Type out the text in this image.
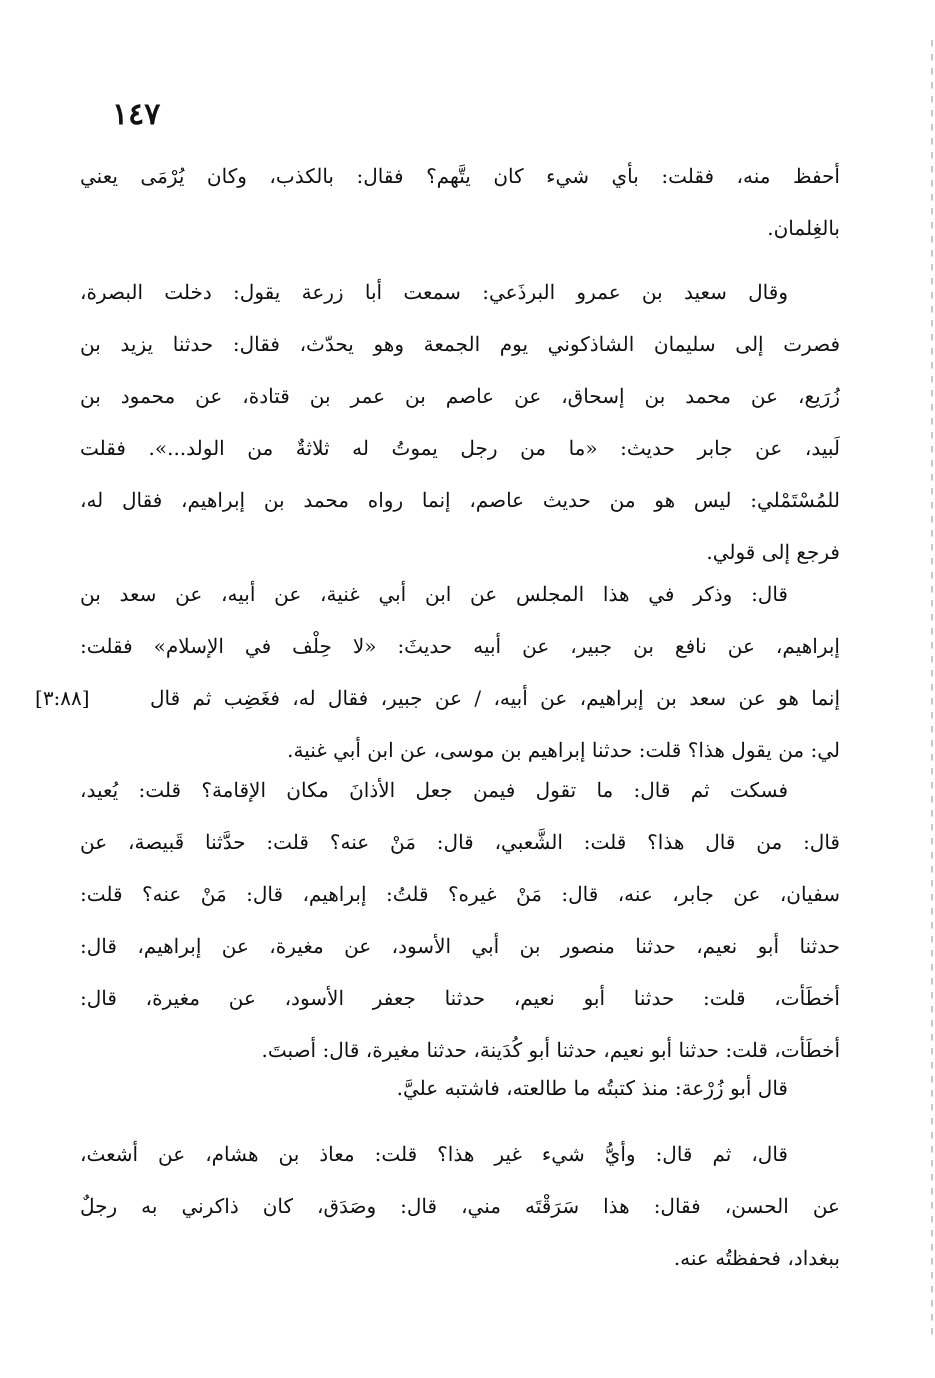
١٤٧
أحفظ منه، فقلت: بأي شيء كان يتَّهم؟ فقال: بالكذب، وكان يُرْمَى يعني
بالغِلمان.
وقال سعيد بن عمرو البرذَعي: سمعت أبا زرعة يقول: دخلت البصرة،
فصرت إلى سليمان الشاذكوني يوم الجمعة وهو يحدّث، فقال: حدثنا يزيد بن
زُرَيع، عن محمد بن إسحاق، عن عاصم بن عمر بن قتادة، عن محمود بن
لَبيد، عن جابر حديث: «ما من رجل يموتُ له ثلاثةٌ من الولد...». فقلت
للمُسْتَمْلي: ليس هو من حديث عاصم، إنما رواه محمد بن إبراهيم، فقال له،
فرجع إلى قولي.
قال: وذكر في هذا المجلس عن ابن أبي غنية، عن أبيه، عن سعد بن
إبراهيم، عن نافع بن جبير، عن أبيه حديثَ: «لا حِلْف في الإسلام» فقلت:
إنما هو عن سعد بن إبراهيم، عن أبيه، / عن جبير، فقال له، فغَضِب ثم قال
لي: من يقول هذا؟ قلت: حدثنا إبراهيم بن موسى، عن ابن أبي غنية.
[٣:٨٨]
فسكت ثم قال: ما تقول فيمن جعل الأذانَ مكان الإقامة؟ قلت: يُعيد،
قال: من قال هذا؟ قلت: الشَّعبي، قال: مَنْ عنه؟ قلت: حدَّثنا قَبيصة، عن
سفيان، عن جابر، عنه، قال: مَنْ غيره؟ قلتُ: إبراهيم، قال: مَنْ عنه؟ قلت:
حدثنا أبو نعيم، حدثنا منصور بن أبي الأسود، عن مغيرة، عن إبراهيم، قال:
أخطَأت، قلت: حدثنا أبو نعيم، حدثنا جعفر الأسود، عن مغيرة، قال:
أخطَأت، قلت: حدثنا أبو نعيم، حدثنا أبو كُدَينة، حدثنا مغيرة، قال: أصبتَ.
قال أبو زُرْعة: منذ كتبتُه ما طالعته، فاشتبه عليَّ.
قال، ثم قال: وأيُّ شيء غير هذا؟ قلت: معاذ بن هشام، عن أشعث،
عن الحسن، فقال: هذا سَرَقْتَه مني، قال: وصَدَق، كان ذاكرني به رجلٌ
ببغداد، فحفظتُه عنه.
